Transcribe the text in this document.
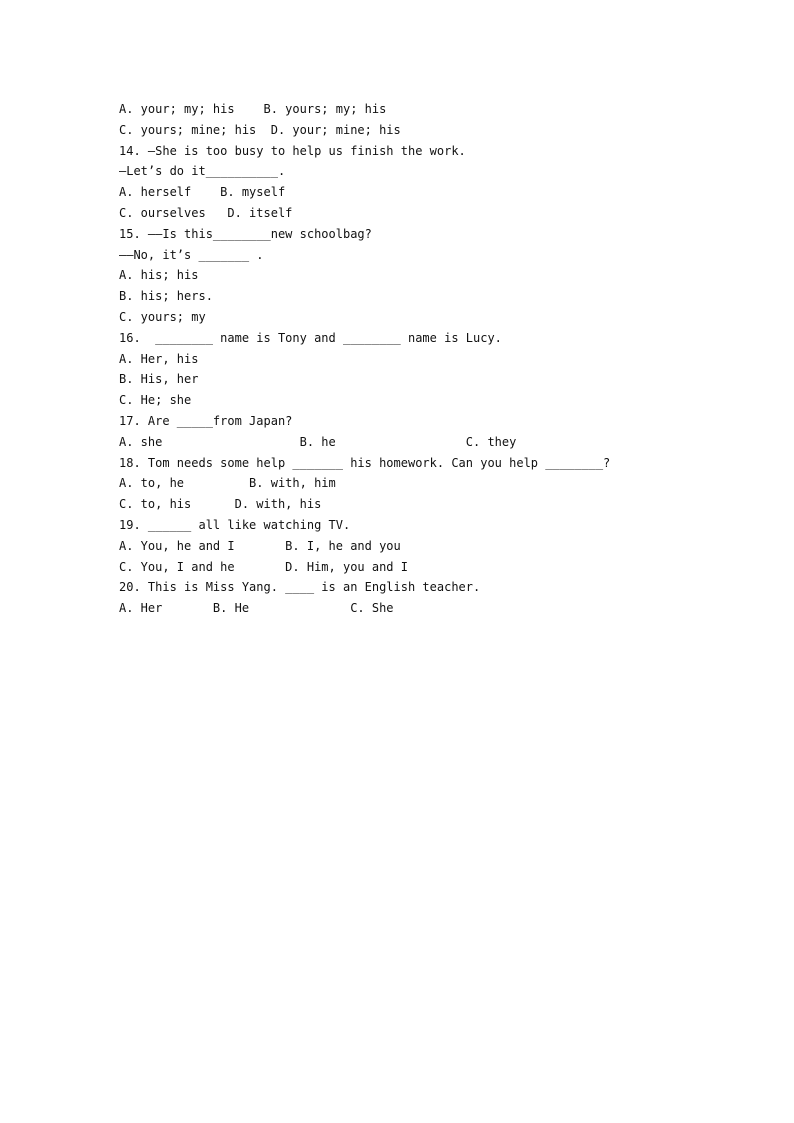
A. your; my; his    B. yours; my; his
C. yours; mine; his  D. your; mine; his
14. —She is too busy to help us finish the work.
—Let’s do it__________.
A. herself    B. myself
C. ourselves   D. itself
15. ——Is this________new schoolbag?
——No, it’s _______ .
A. his; his
B. his; hers.
C. yours; my
16.  ________ name is Tony and ________ name is Lucy.
A. Her, his
B. His, her
C. He; she
17. Are _____from Japan?
A. she                   B. he                  C. they
18. Tom needs some help _______ his homework. Can you help ________?
A. to, he         B. with, him
C. to, his      D. with, his
19. ______ all like watching TV.
A. You, he and I       B. I, he and you
C. You, I and he       D. Him, you and I
20. This is Miss Yang. ____ is an English teacher.
A. Her       B. He              C. She
